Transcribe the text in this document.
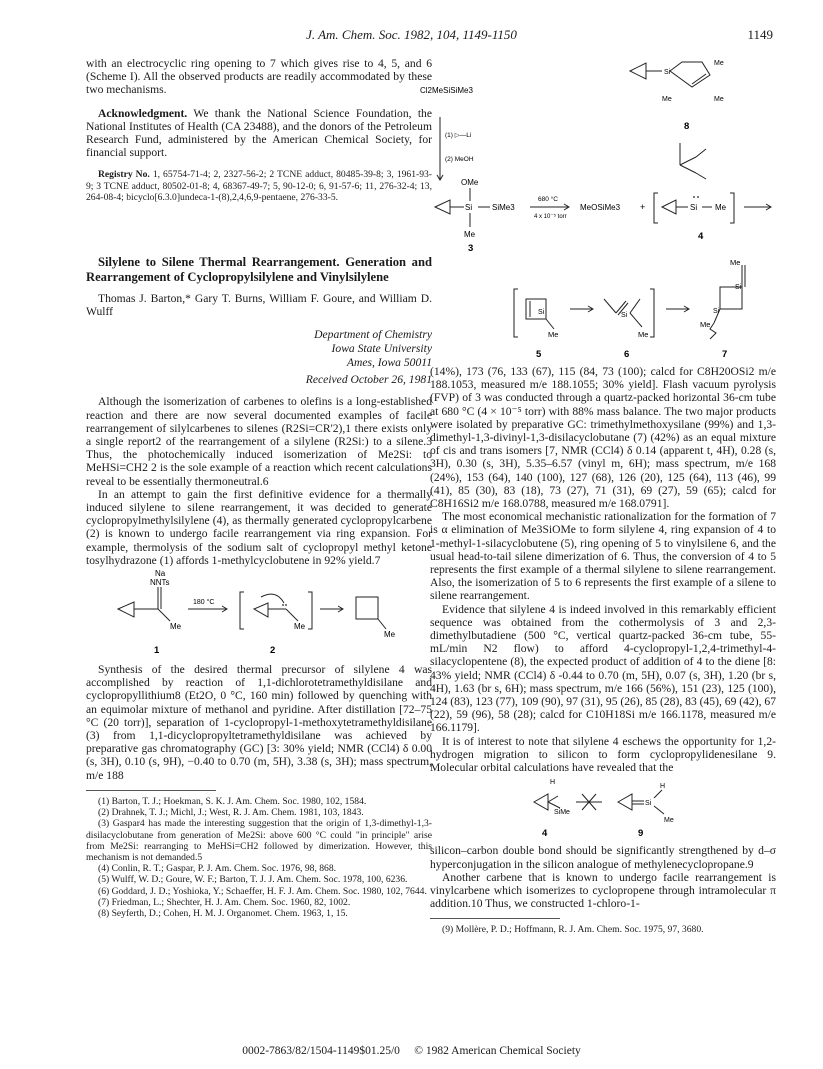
J. Am. Chem. Soc. 1982, 104, 1149-1150	1149

with an electrocyclic ring opening to 7 which gives rise to 4, 5, and 6 (Scheme I). All the observed products are readily accommodated by these two mechanisms.

Acknowledgment. We thank the National Science Foundation, the National Institutes of Health (CA 23488), and the donors of the Petroleum Research Fund, administered by the American Chemical Society, for financial support.

Registry No. 1, 65754-71-4; 2, 2327-56-2; 2 TCNE adduct, 80485-39-8; 3, 1961-93-9; 3 TCNE adduct, 80502-01-8; 4, 68367-49-7; 5, 90-12-0; 6, 91-57-6; 11, 276-32-4; 13, 264-08-4; bicyclo[6.3.0]undeca-1-(8),2,4,6,9-pentaene, 276-33-5.

Silylene to Silene Thermal Rearrangement. Generation and Rearrangement of Cyclopropylsilylene and Vinylsilylene

Thomas J. Barton,* Gary T. Burns, William F. Goure, and William D. Wulff

Department of Chemistry
Iowa State University
Ames, Iowa 50011
Received October 26, 1981

Although the isomerization of carbenes to olefins is a long-established reaction and there are now several documented examples of facile rearrangement of silylcarbenes to silenes (R2Si=CR'2),1 there exists only a single report2 of the rearrangement of a silylene (R2Si:) to a silene.3 Thus, the photochemically induced isomerization of Me2Si: to MeHSi=CH2 2 is the sole example of a reaction which recent calculations reveal to be essentially thermoneutral.6

In an attempt to gain the first definitive evidence for a thermally induced silylene to silene rearrangement, it was decided to generate cyclopropylmethylsilylene (4), as thermally generated cyclopropylcarbene (2) is known to undergo facile rearrangement via ring expansion. For example, thermolysis of the sodium salt of cyclopropyl methyl ketone tosylhydrazone (1) affords 1-methylcyclobutene in 92% yield.7

Na
NNTs
180 °C
Me	Me
Me
1	2

Synthesis of the desired thermal precursor of silylene 4 was accomplished by reaction of 1,1-dichlorotetramethyldisilane and cyclopropyllithium8 (Et2O, 0 °C, 160 min) followed by quenching with an equimolar mixture of methanol and pyridine. After distillation [72–75 °C (20 torr)], separation of 1-cyclopropyl-1-methoxytetramethyldisilane (3) from 1,1-dicyclopropyltetramethyldisilane was achieved by preparative gas chromatography (GC) [3: 30% yield; NMR (CCl4) δ 0.00 (s, 3H), 0.10 (s, 9H), −0.40 to 0.70 (m, 5H), 3.38 (s, 3H); mass spectrum, m/e 188

(1) Barton, T. J.; Hoekman, S. K. J. Am. Chem. Soc. 1980, 102, 1584.

(2) Drahnek, T. J.; Michl, J.; West, R. J. Am. Chem. 1981, 103, 1843.

(3) Gaspar4 has made the interesting suggestion that the origin of 1,3-dimethyl-1,3-disilacyclobutane from generation of Me2Si: above 600 °C could "in principle" arise from Me2Si: rearranging to MeHSi=CH2 followed by dimerization. However, this mechanism is not demanded.5

(4) Conlin, R. T.; Gaspar, P. J. Am. Chem. Soc. 1976, 98, 868.

(5) Wulff, W. D.; Goure, W. F.; Barton, T. J. J. Am. Chem. Soc. 1978, 100, 6236.

(6) Goddard, J. D.; Yoshioka, Y.; Schaeffer, H. F. J. Am. Chem. Soc. 1980, 102, 7644.

(7) Friedman, L.; Shechter, H. J. Am. Chem. Soc. 1960, 82, 1002.

(8) Seyferth, D.; Cohen, H. M. J. Organomet. Chem. 1963, 1, 15.

Cl2MeSiSiMe3
(1) ▷—Li
(2) MeOH
OMe
Si SiMe3
Me
680 °C
4 x 10⁻⁵ torr
MeOSiMe3 +	Si Me
3
4
8
Si
Me
Me	Me
Si
Me
Si
Me
Si
Si
Me
Me
5	6	7

(14%), 173 (76, 133 (67), 115 (84, 73 (100); calcd for C8H20OSi2 m/e 188.1053, measured m/e 188.1055; 30% yield]. Flash vacuum pyrolysis (FVP) of 3 was conducted through a quartz-packed horizontal 36-cm tube at 680 °C (4 × 10⁻⁵ torr) with 88% mass balance. The two major products were isolated by preparative GC: trimethylmethoxysilane (99%) and 1,3-dimethyl-1,3-divinyl-1,3-disilacyclobutane (7) (42%) as an equal mixture of cis and trans isomers [7, NMR (CCl4) δ 0.14 (apparent t, 4H), 0.28 (s, 3H), 0.30 (s, 3H), 5.35–6.57 (vinyl m, 6H); mass spectrum, m/e 168 (24%), 153 (64), 140 (100), 127 (68), 126 (20), 125 (64), 113 (46), 99 (41), 85 (30), 83 (18), 73 (27), 71 (31), 69 (27), 59 (65); calcd for C8H16Si2 m/e 168.0788, measured m/e 168.0791].

The most economical mechanistic rationalization for the formation of 7 is α elimination of Me3SiOMe to form silylene 4, ring expansion of 4 to 1-methyl-1-silacyclobutene (5), ring opening of 5 to vinylsilene 6, and the usual head-to-tail silene dimerization of 6. Thus, the conversion of 4 to 5 represents the first example of a thermal silylene to silene rearrangement. Also, the isomerization of 5 to 6 represents the first example of a silene to silene rearrangement.

Evidence that silylene 4 is indeed involved in this remarkably efficient sequence was obtained from the cothermolysis of 3 and 2,3-dimethylbutadiene (500 °C, vertical quartz-packed 36-cm tube, 55-mL/min N2 flow) to afford 4-cyclopropyl-1,2,4-trimethyl-4-silacyclopentene (8), the expected product of addition of 4 to the diene [8: 43% yield; NMR (CCl4) δ -0.44 to 0.70 (m, 5H), 0.07 (s, 3H), 1.20 (br s, 4H), 1.63 (br s, 6H); mass spectrum, m/e 166 (56%), 151 (23), 125 (100), 124 (83), 123 (77), 109 (90), 97 (31), 95 (26), 85 (28), 83 (45), 69 (42), 67 (22), 59 (96), 58 (28); calcd for C10H18Si m/e 166.1178, measured m/e 166.1179].

It is of interest to note that silylene 4 eschews the opportunity for 1,2-hydrogen migration to silicon to form cyclopropylidenesilane 9. Molecular orbital calculations have revealed that the

H
SiMe
H
Si
Me
4	9

silicon–carbon double bond should be significantly strengthened by d–σ hyperconjugation in the silicon analogue of methylenecyclopropane.9

Another carbene that is known to undergo facile rearrangement is vinylcarbene which isomerizes to cyclopropene through intramolecular π addition.10 Thus, we constructed 1-chloro-1-

(9) Mollère, P. D.; Hoffmann, R. J. Am. Chem. Soc. 1975, 97, 3680.

0002-7863/82/1504-1149$01.25/0 © 1982 American Chemical Society
